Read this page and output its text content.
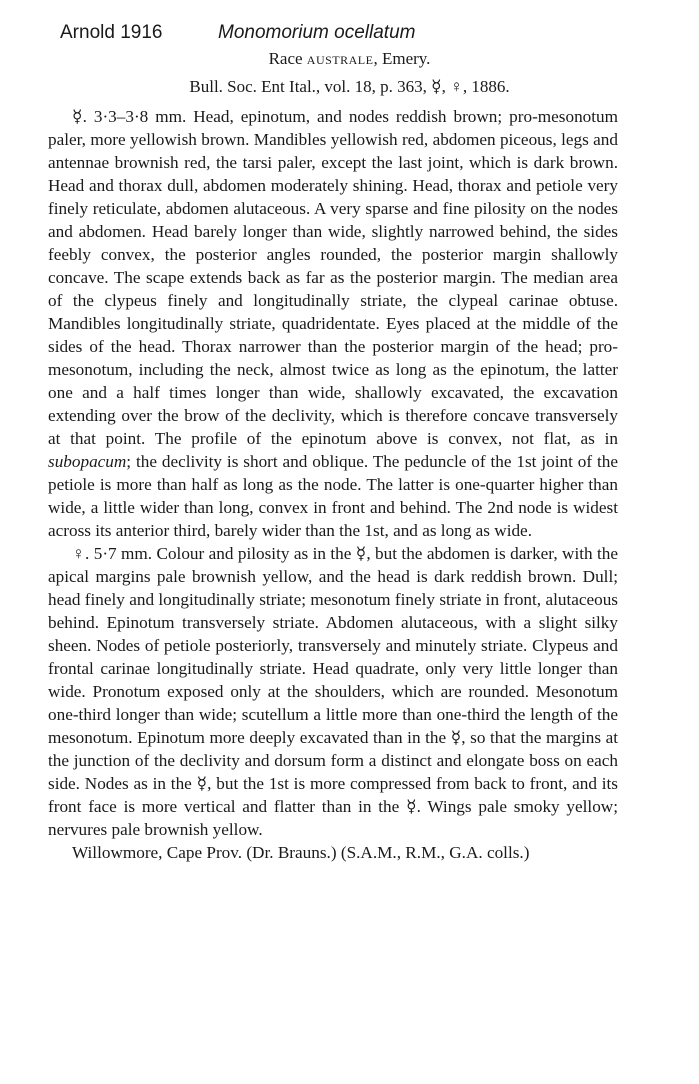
Arnold 1916	Monomorium ocellatum
Race australe, Emery.
Bull. Soc. Ent Ital., vol. 18, p. 363, ☿, ♀, 1886.

☿. 3·3–3·8 mm. Head, epinotum, and nodes reddish brown; pro-mesonotum paler, more yellowish brown. Mandibles yellowish red, abdomen piceous, legs and antennae brownish red, the tarsi paler, except the last joint, which is dark brown. Head and thorax dull, abdomen moderately shining. Head, thorax and petiole very finely reticulate, abdomen alutaceous. A very sparse and fine pilosity on the nodes and abdomen. Head barely longer than wide, slightly narrowed behind, the sides feebly convex, the posterior angles rounded, the posterior margin shallowly concave. The scape extends back as far as the posterior margin. The median area of the clypeus finely and longitudinally striate, the clypeal carinae obtuse. Mandibles longitudinally striate, quadridentate. Eyes placed at the middle of the sides of the head. Thorax narrower than the posterior margin of the head; pro-mesonotum, including the neck, almost twice as long as the epinotum, the latter one and a half times longer than wide, shallowly excavated, the excavation extending over the brow of the declivity, which is therefore concave transversely at that point. The profile of the epinotum above is convex, not flat, as in subopacum; the declivity is short and oblique. The peduncle of the 1st joint of the petiole is more than half as long as the node. The latter is one-quarter higher than wide, a little wider than long, convex in front and behind. The 2nd node is widest across its anterior third, barely wider than the 1st, and as long as wide.

♀. 5·7 mm. Colour and pilosity as in the ☿, but the abdomen is darker, with the apical margins pale brownish yellow, and the head is dark reddish brown. Dull; head finely and longitudinally striate; mesonotum finely striate in front, alutaceous behind. Epinotum transversely striate. Abdomen alutaceous, with a slight silky sheen. Nodes of petiole posteriorly, transversely and minutely striate. Clypeus and frontal carinae longitudinally striate. Head quadrate, only very little longer than wide. Pronotum exposed only at the shoulders, which are rounded. Mesonotum one-third longer than wide; scutellum a little more than one-third the length of the mesonotum. Epinotum more deeply excavated than in the ☿, so that the margins at the junction of the declivity and dorsum form a distinct and elongate boss on each side. Nodes as in the ☿, but the 1st is more compressed from back to front, and its front face is more vertical and flatter than in the ☿. Wings pale smoky yellow; nervures pale brownish yellow.

Willowmore, Cape Prov. (Dr. Brauns.) (S.A.M., R.M., G.A. colls.)
